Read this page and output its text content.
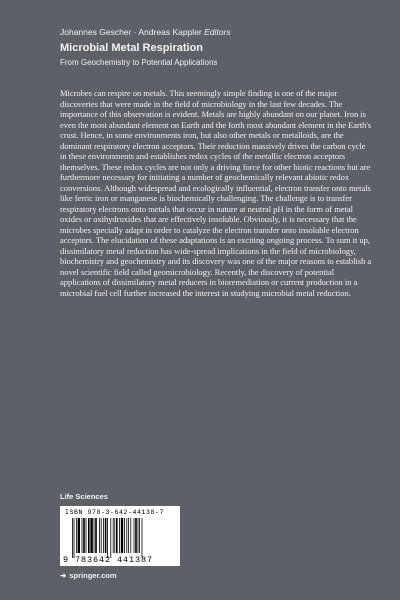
Johannes Gescher · Andreas Kappler Editors
Microbial Metal Respiration
From Geochemistry to Potential Applications
Microbes can respire on metals. This seemingly simple finding is one of the major discoveries that were made in the field of microbiology in the last few decades. The importance of this observation is evident. Metals are highly abundant on our planet. Iron is even the most abundant element on Earth and the forth most abundant element in the Earth's crust. Hence, in some environments iron, but also other metals or metalloids, are the dominant respiratory electron acceptors. Their reduction massively drives the carbon cycle in these environments and establishes redox cycles of the metallic electron acceptors themselves. These redox cycles are not only a driving force for other biotic reactions but are furthermore necessary for initiating a number of geochemically relevant abiotic redox conversions. Although widespread and ecologically influential, electron transfer onto metals like ferric iron or manganese is biochemically challenging. The challenge is to transfer respiratory electrons onto metals that occur in nature at neutral pH in the form of metal oxides or oxihydroxides that are effectively insoluble. Obviously, it is necessary that the microbes specially adapt in order to catalyze the electron transfer onto insoluble electron acceptors. The elucidation of these adaptations is an exciting ongoing process. To sum it up, dissimilatory metal reduction has wide-spread implications in the field of microbiology, biochemistry and geochemistry and its discovery was one of the major reasons to establish a novel scientific field called geomicrobiology. Recently, the discovery of potential applications of dissimilatory metal reducers in bioremediation or current production in a microbial fuel cell further increased the interest in studying microbial metal reduction.
Life Sciences
ISBN 978-3-642-44138-7
9 783642 441387
➜ springer.com
